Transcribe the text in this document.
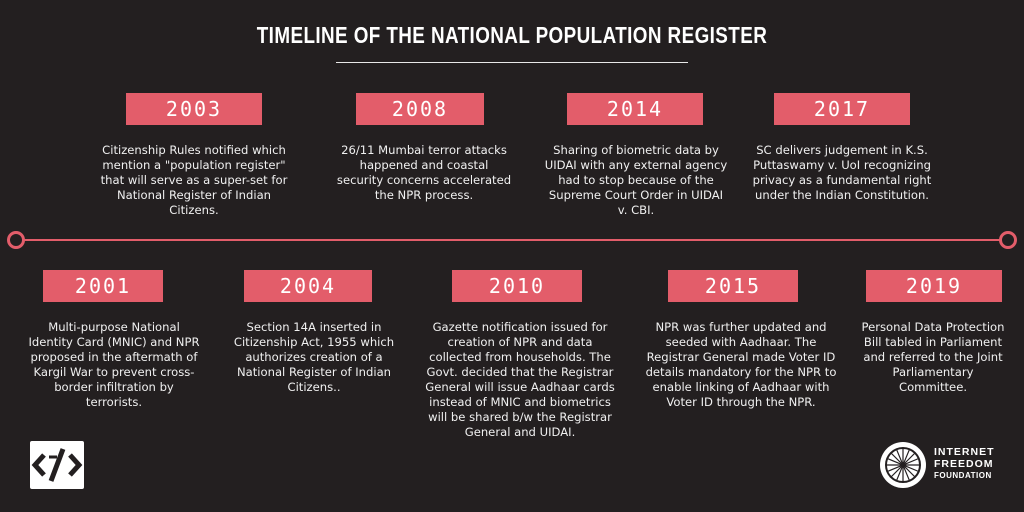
TIMELINE OF THE NATIONAL POPULATION REGISTER
2003

Citizenship Rules notified which mention a "population register" that will serve as a super-set for National Register of Indian Citizens.

2008

26/11 Mumbai terror attacks happened and coastal security concerns accelerated the NPR process.

2014

Sharing of biometric data by UIDAI with any external agency had to stop because of the Supreme Court Order in UIDAI v. CBI.

2017

SC delivers judgement in K.S. Puttaswamy v. UoI recognizing privacy as a fundamental right under the Indian Constitution.

2001

Multi-purpose National Identity Card (MNIC) and NPR proposed in the aftermath of Kargil War to prevent cross-border infiltration by terrorists.

2004

Section 14A inserted in Citizenship Act, 1955 which authorizes creation of a National Register of Indian Citizens..

2010

Gazette notification issued for creation of NPR and data collected from households. The Govt. decided that the Registrar General will issue Aadhaar cards instead of MNIC and biometrics will be shared b/w the Registrar General and UIDAI.

2015

NPR was further updated and seeded with Aadhaar. The Registrar General made Voter ID details mandatory for the NPR to enable linking of Aadhaar with Voter ID through the NPR.

2019

Personal Data Protection Bill tabled in Parliament and referred to the Joint Parliamentary Committee.

INTERNET
FREEDOM
FOUNDATION
